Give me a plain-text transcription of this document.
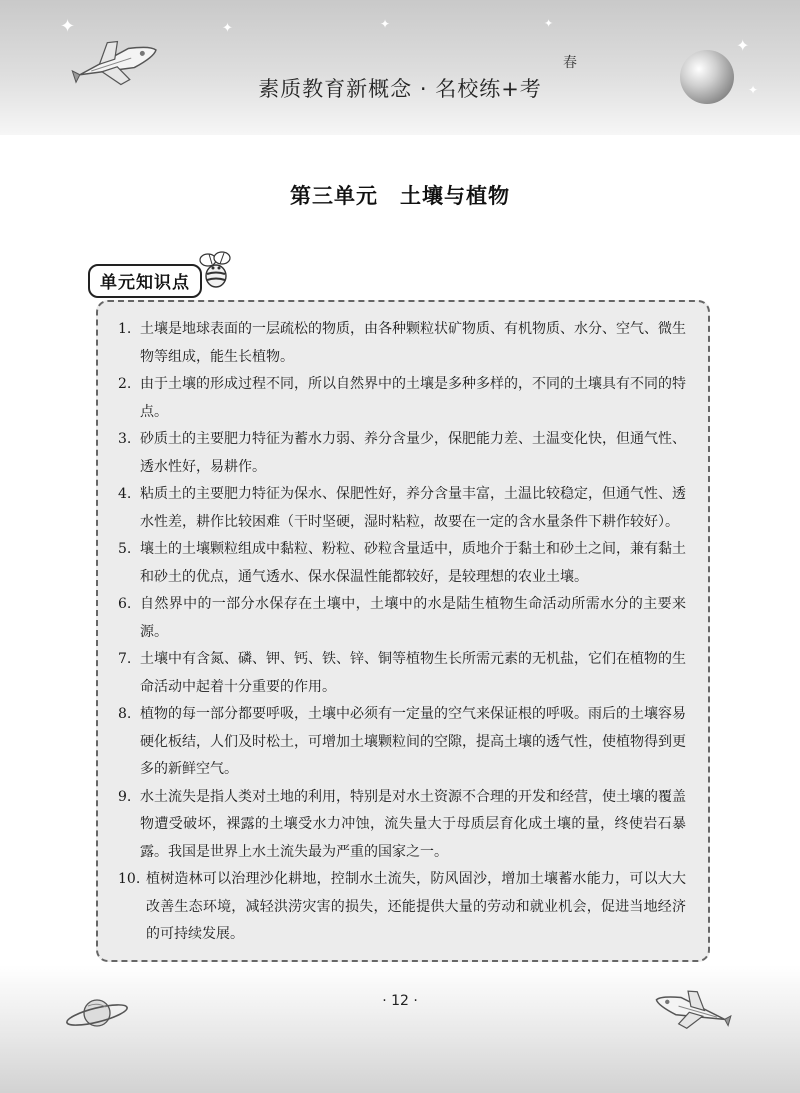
✦	✦	✦
✦
✦
✦
素质教育新概念 · 名校练+考
春
第三单元　土壤与植物
单元知识点
1. 土壤是地球表面的一层疏松的物质，由各种颗粒状矿物质、有机物质、水分、空气、微生物等组成，能生长植物。
2. 由于土壤的形成过程不同，所以自然界中的土壤是多种多样的，不同的土壤具有不同的特点。
3. 砂质土的主要肥力特征为蓄水力弱、养分含量少，保肥能力差、土温变化快，但通气性、透水性好，易耕作。
4. 粘质土的主要肥力特征为保水、保肥性好，养分含量丰富，土温比较稳定，但通气性、透水性差，耕作比较困难（干时坚硬，湿时粘粒，故要在一定的含水量条件下耕作较好）。
5. 壤土的土壤颗粒组成中黏粒、粉粒、砂粒含量适中，质地介于黏土和砂土之间，兼有黏土和砂土的优点，通气透水、保水保温性能都较好，是较理想的农业土壤。
6. 自然界中的一部分水保存在土壤中，土壤中的水是陆生植物生命活动所需水分的主要来源。
7. 土壤中有含氮、磷、钾、钙、铁、锌、铜等植物生长所需元素的无机盐，它们在植物的生命活动中起着十分重要的作用。
8. 植物的每一部分都要呼吸，土壤中必须有一定量的空气来保证根的呼吸。雨后的土壤容易硬化板结，人们及时松土，可增加土壤颗粒间的空隙，提高土壤的透气性，使植物得到更多的新鲜空气。
9. 水土流失是指人类对土地的利用，特别是对水土资源不合理的开发和经营，使土壤的覆盖物遭受破坏，裸露的土壤受水力冲蚀，流失量大于母质层育化成土壤的量，终使岩石暴露。我国是世界上水土流失最为严重的国家之一。
10. 植树造林可以治理沙化耕地，控制水土流失，防风固沙，增加土壤蓄水能力，可以大大改善生态环境，减轻洪涝灾害的损失，还能提供大量的劳动和就业机会，促进当地经济的可持续发展。
· 12 ·
